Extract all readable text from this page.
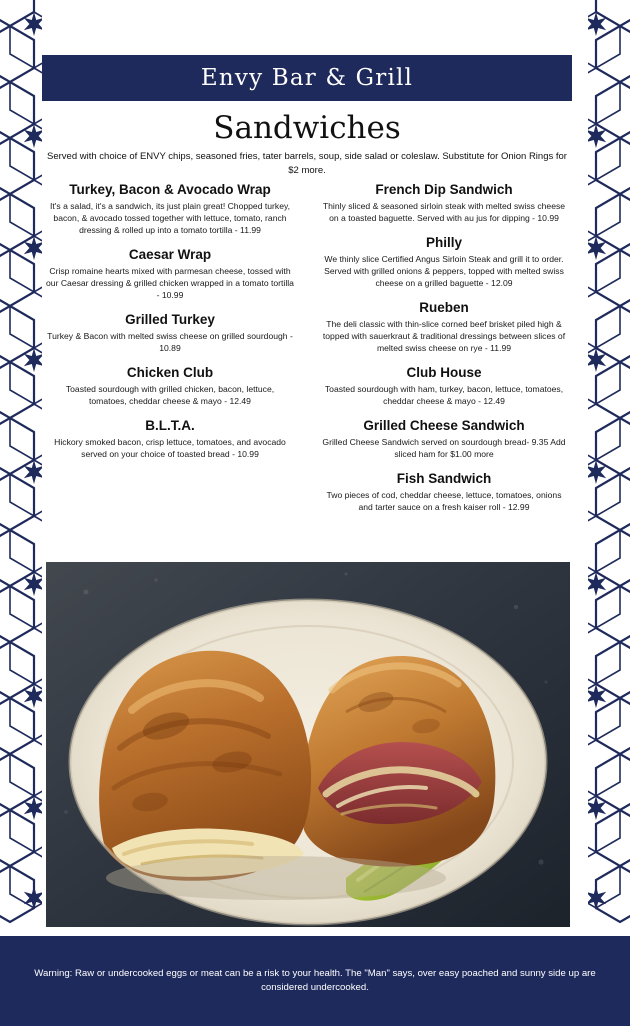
Envy Bar & Grill
Sandwiches
Served with choice of ENVY chips, seasoned fries, tater barrels, soup, side salad or coleslaw. Substitute for Onion Rings for $2 more.
Turkey, Bacon & Avocado Wrap
It's a salad, it's a sandwich, its just plain great! Chopped turkey, bacon, & avocado tossed together with lettuce, tomato, ranch dressing & rolled up into a tomato tortilla - 11.99
Caesar Wrap
Crisp romaine hearts mixed with parmesan cheese, tossed with our Caesar dressing & grilled chicken wrapped in a tomato tortilla - 10.99
Grilled Turkey
Turkey & Bacon with melted swiss cheese on grilled sourdough - 10.89
Chicken Club
Toasted sourdough with grilled chicken, bacon, lettuce, tomatoes, cheddar cheese & mayo - 12.49
B.L.T.A.
Hickory smoked bacon, crisp lettuce, tomatoes, and avocado served on your choice of toasted bread - 10.99
French Dip Sandwich
Thinly sliced & seasoned sirloin steak with melted swiss cheese on a toasted baguette. Served with au jus for dipping - 10.99
Philly
We thinly slice Certified Angus Sirloin Steak and grill it to order. Served with grilled onions & peppers, topped with melted swiss cheese on a grilled baguette - 12.09
Rueben
The deli classic with thin-slice corned beef brisket piled high & topped with sauerkraut & traditional dressings between slices of melted swiss cheese on rye - 11.99
Club House
Toasted sourdough with ham, turkey, bacon, lettuce, tomatoes, cheddar cheese & mayo - 12.49
Grilled Cheese Sandwich
Grilled Cheese Sandwich served on sourdough bread- 9.35 Add sliced ham for $1.00 more
Fish Sandwich
Two pieces of cod, cheddar cheese, lettuce, tomatoes, onions and tarter sauce on a fresh kaiser roll - 12.99
Warning: Raw or undercooked eggs or meat can be a risk to your health. The "Man" says, over easy poached and sunny side up are considered undercooked.
